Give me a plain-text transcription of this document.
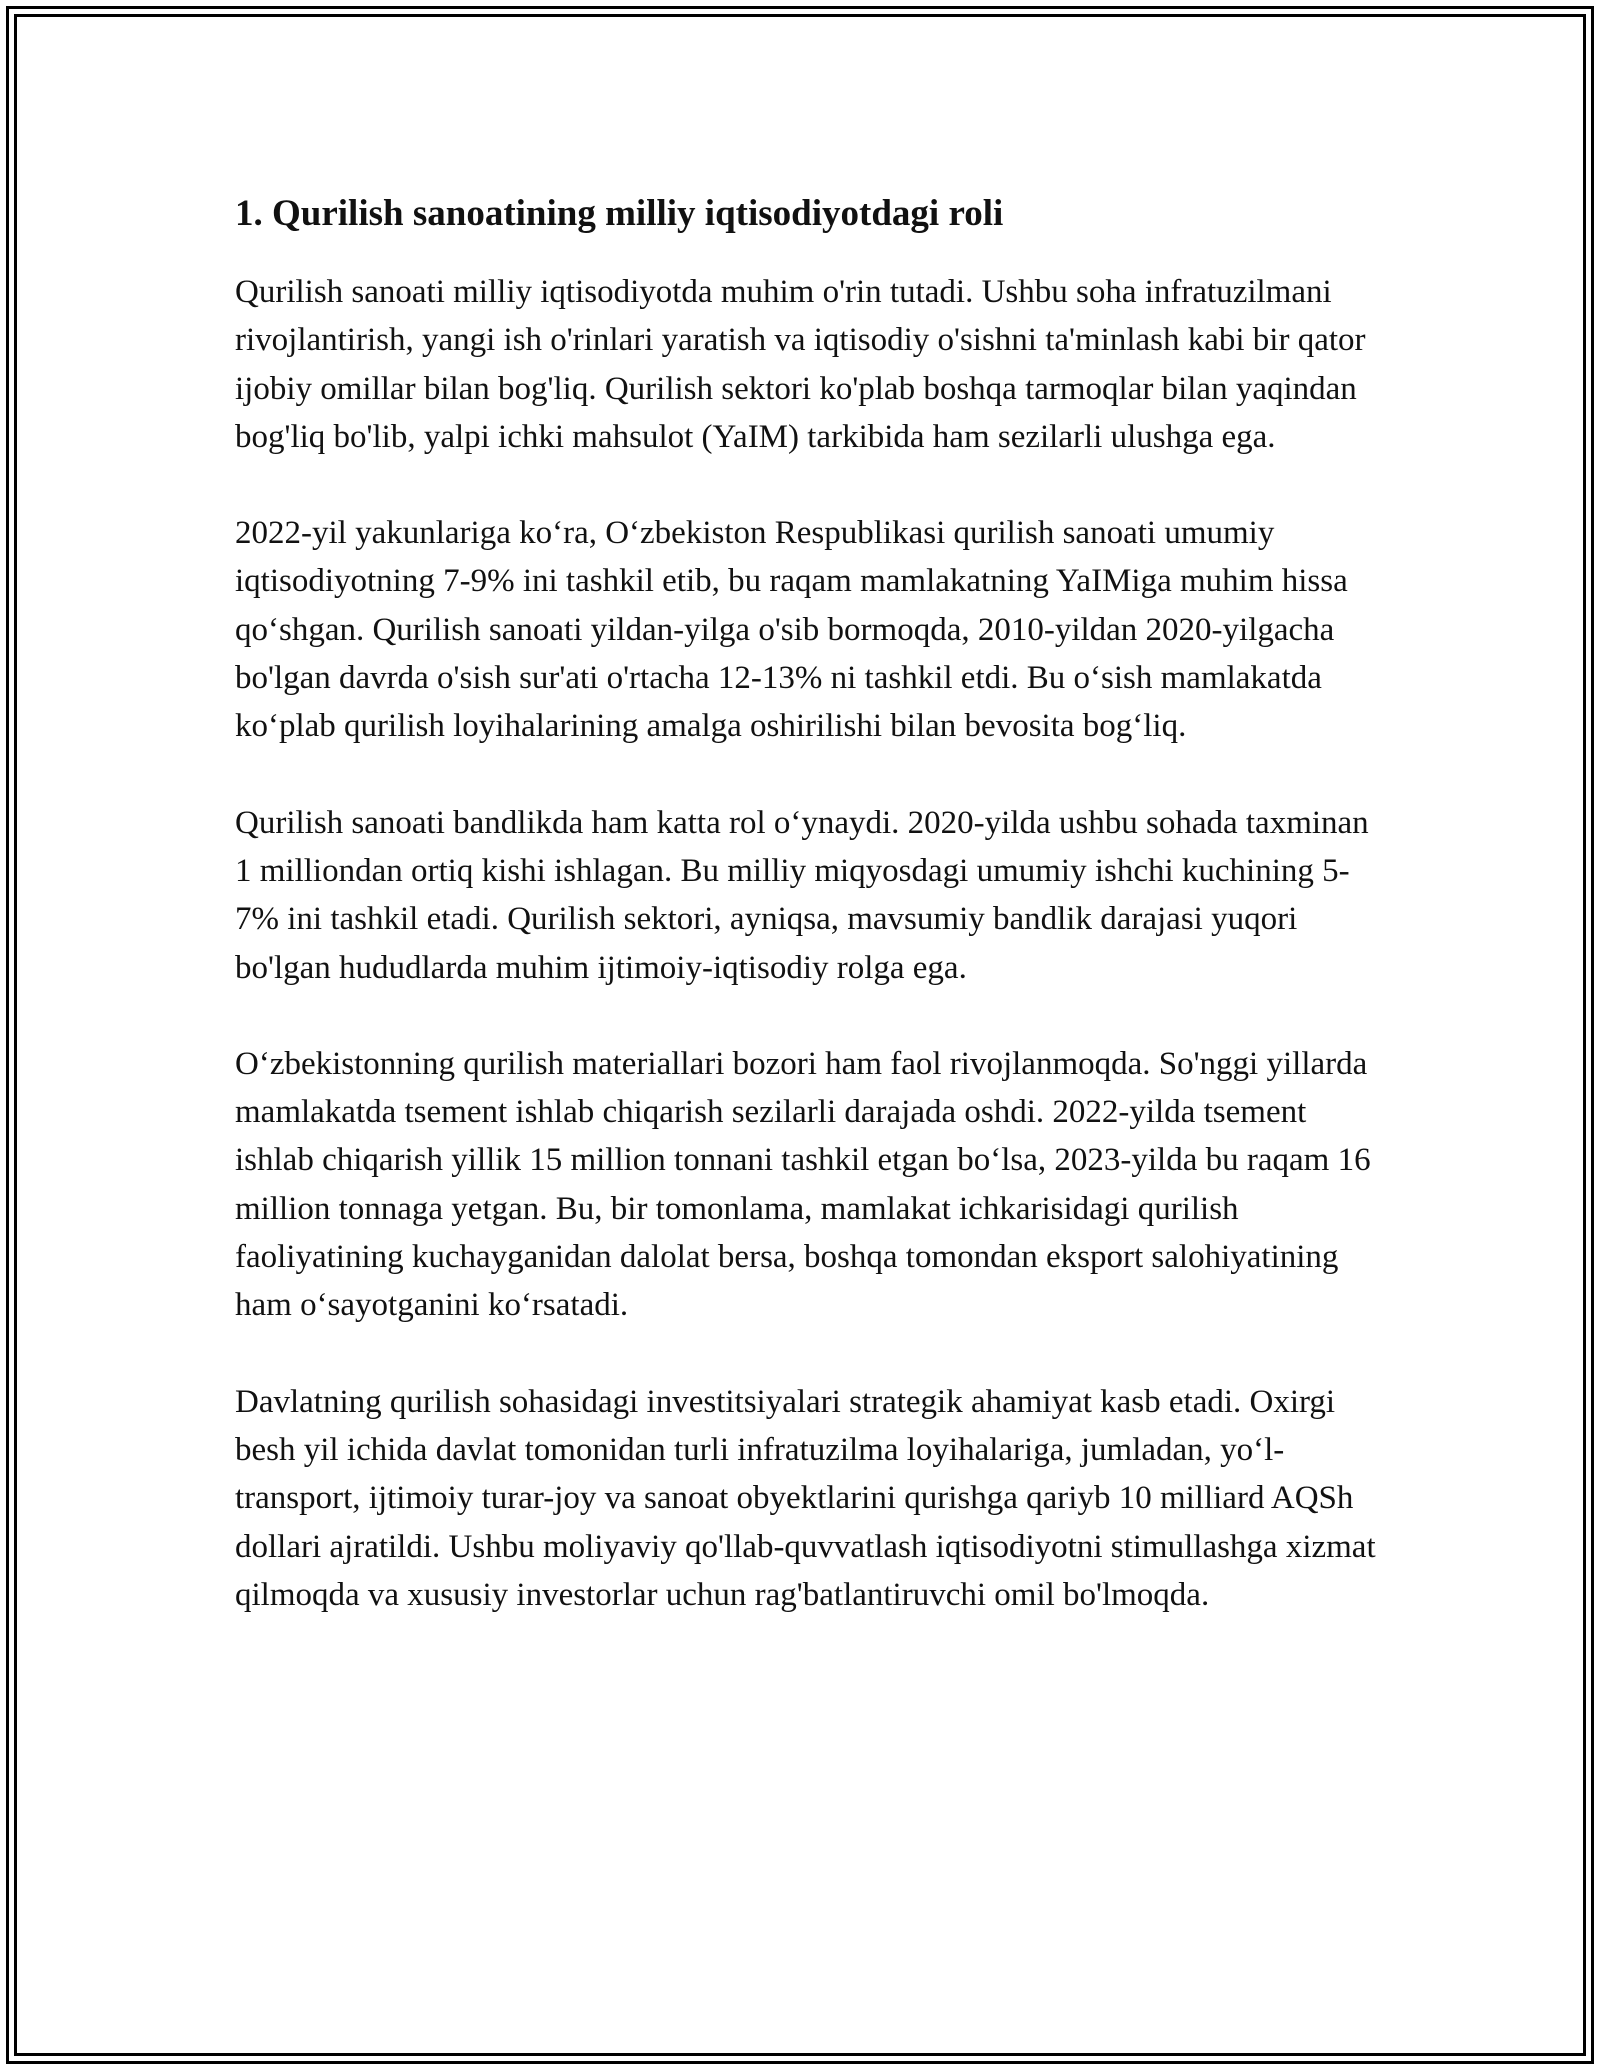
1. Qurilish sanoatining milliy iqtisodiyotdagi roli

Qurilish sanoati milliy iqtisodiyotda muhim o'rin tutadi. Ushbu soha infratuzilmani rivojlantirish, yangi ish o'rinlari yaratish va iqtisodiy o'sishni ta'minlash kabi bir qator ijobiy omillar bilan bog'liq. Qurilish sektori ko'plab boshqa tarmoqlar bilan yaqindan bog'liq bo'lib, yalpi ichki mahsulot (YaIM) tarkibida ham sezilarli ulushga ega.

2022-yil yakunlariga ko‘ra, O‘zbekiston Respublikasi qurilish sanoati umumiy iqtisodiyotning 7-9% ini tashkil etib, bu raqam mamlakatning YaIMiga muhim hissa qo‘shgan. Qurilish sanoati yildan-yilga o'sib bormoqda, 2010-yildan 2020-yilgacha bo'lgan davrda o'sish sur'ati o'rtacha 12-13% ni tashkil etdi. Bu o‘sish mamlakatda ko‘plab qurilish loyihalarining amalga oshirilishi bilan bevosita bog‘liq.

Qurilish sanoati bandlikda ham katta rol o‘ynaydi. 2020-yilda ushbu sohada taxminan 1 milliondan ortiq kishi ishlagan. Bu milliy miqyosdagi umumiy ishchi kuchining 5-7% ini tashkil etadi. Qurilish sektori, ayniqsa, mavsumiy bandlik darajasi yuqori bo'lgan hududlarda muhim ijtimoiy-iqtisodiy rolga ega.

O‘zbekistonning qurilish materiallari bozori ham faol rivojlanmoqda. So'nggi yillarda mamlakatda tsement ishlab chiqarish sezilarli darajada oshdi. 2022-yilda tsement ishlab chiqarish yillik 15 million tonnani tashkil etgan bo‘lsa, 2023-yilda bu raqam 16 million tonnaga yetgan. Bu, bir tomonlama, mamlakat ichkarisidagi qurilish faoliyatining kuchayganidan dalolat bersa, boshqa tomondan eksport salohiyatining ham o‘sayotganini ko‘rsatadi.

Davlatning qurilish sohasidagi investitsiyalari strategik ahamiyat kasb etadi. Oxirgi besh yil ichida davlat tomonidan turli infratuzilma loyihalariga, jumladan, yo‘l-transport, ijtimoiy turar-joy va sanoat obyektlarini qurishga qariyb 10 milliard AQSh dollari ajratildi. Ushbu moliyaviy qo'llab-quvvatlash iqtisodiyotni stimullashga xizmat qilmoqda va xususiy investorlar uchun rag'batlantiruvchi omil bo'lmoqda.
